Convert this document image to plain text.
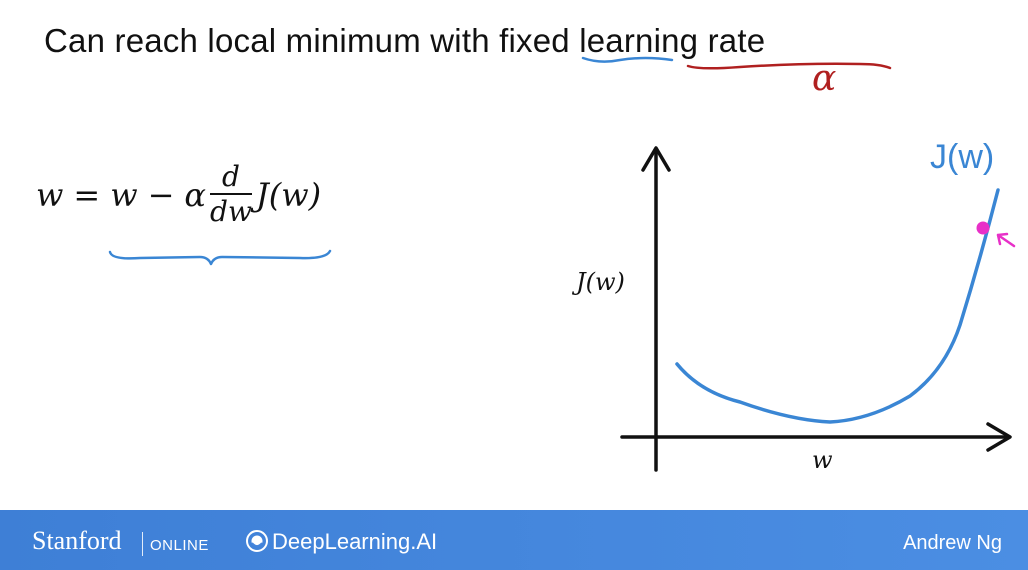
Can reach local minimum with fixed learning rate
α
w = w − α $\frac{d}{dw} J(w)$
J(w)
w
J(w)
Stanford ONLINE	DeepLearning.AI	Andrew Ng
